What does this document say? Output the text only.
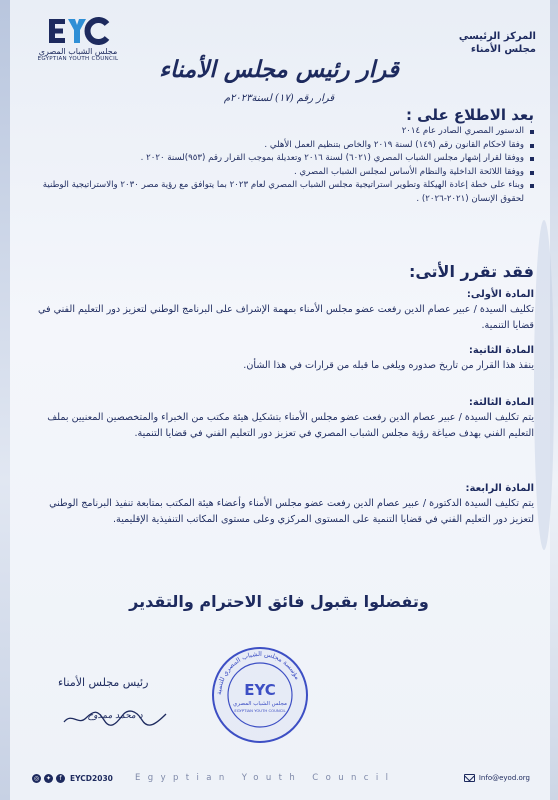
مجلس الشباب المصري
EGYPTIAN YOUTH COUNCIL
المركز الرئيسي
مجلس الأمناء
قرار رئيس مجلس الأمناء
قرار رقم (١٧) لسنة٢٠٢٣م
بعد الاطلاع على :
الدستور المصري الصادر عام ٢٠١٤
وفقا لاحكام القانون رقم (١٤٩) لسنة ٢٠١٩ والخاص بتنظيم العمل الأهلي .
ووفقا لقرار إشهار مجلس الشباب المصري (٦٠٢١) لسنة ٢٠١٦ وتعديلة بموجب القرار رقم (٩٥٣)لسنة ٢٠٢٠ .
ووفقا اللائحة الداخلية والنظام الأساس لمجلس الشباب المصري .
وبناء على خطة إعادة الهيكلة وتطوير استراتيجية مجلس الشباب المصري لعام ٢٠٢٣ بما يتوافق مع رؤية مصر ٢٠٣٠ والاستراتيجية الوطنية لحقوق الإنسان (٢٠٢١-٢٠٢٦) .
فقد تقرر الأتى:
المادة الأولى:
تكليف السيدة / عبير عصام الدين رفعت عضو مجلس الأمناء بمهمة الإشراف على البرنامج الوطني لتعزيز دور التعليم الفني في قضايا التنمية.
المادة الثانية:
ينفذ هذا القرار من تاريخ صدوره ويلغى ما قبله من قرارات في هذا الشأن.
المادة الثالثة:
يتم تكليف السيدة / عبير عصام الدين رفعت عضو مجلس الأمناء بتشكيل هيئة مكتب من الخبراء والمتخصصين المعنيين بملف التعليم الفني بهدف صياغة رؤية مجلس الشباب المصري في تعزيز دور التعليم الفني في قضايا التنمية.
المادة الرابعة:
يتم تكليف السيدة الدكتورة / عبير عصام الدين رفعت عضو مجلس الأمناء وأعضاء هيئة المكتب بمتابعة تنفيذ البرنامج الوطني لتعزيز دور التعليم الفني في قضايا التنمية على المستوى المركزي وعلى مستوى المكاتب التنفيذية الإقليمية.
وتفضلوا بقبول فائق الاحترام والتقدير
رئيس مجلس الأمناء
د محمد ممدوح
مؤسسة مجلس الشباب المصري للتنمية
EYC
مجلس الشباب المصري
EGYPTIAN YOUTH COUNCIL
◎	✦	f	EYCD2030	Egyptian Youth Council	Info@eyod.org
